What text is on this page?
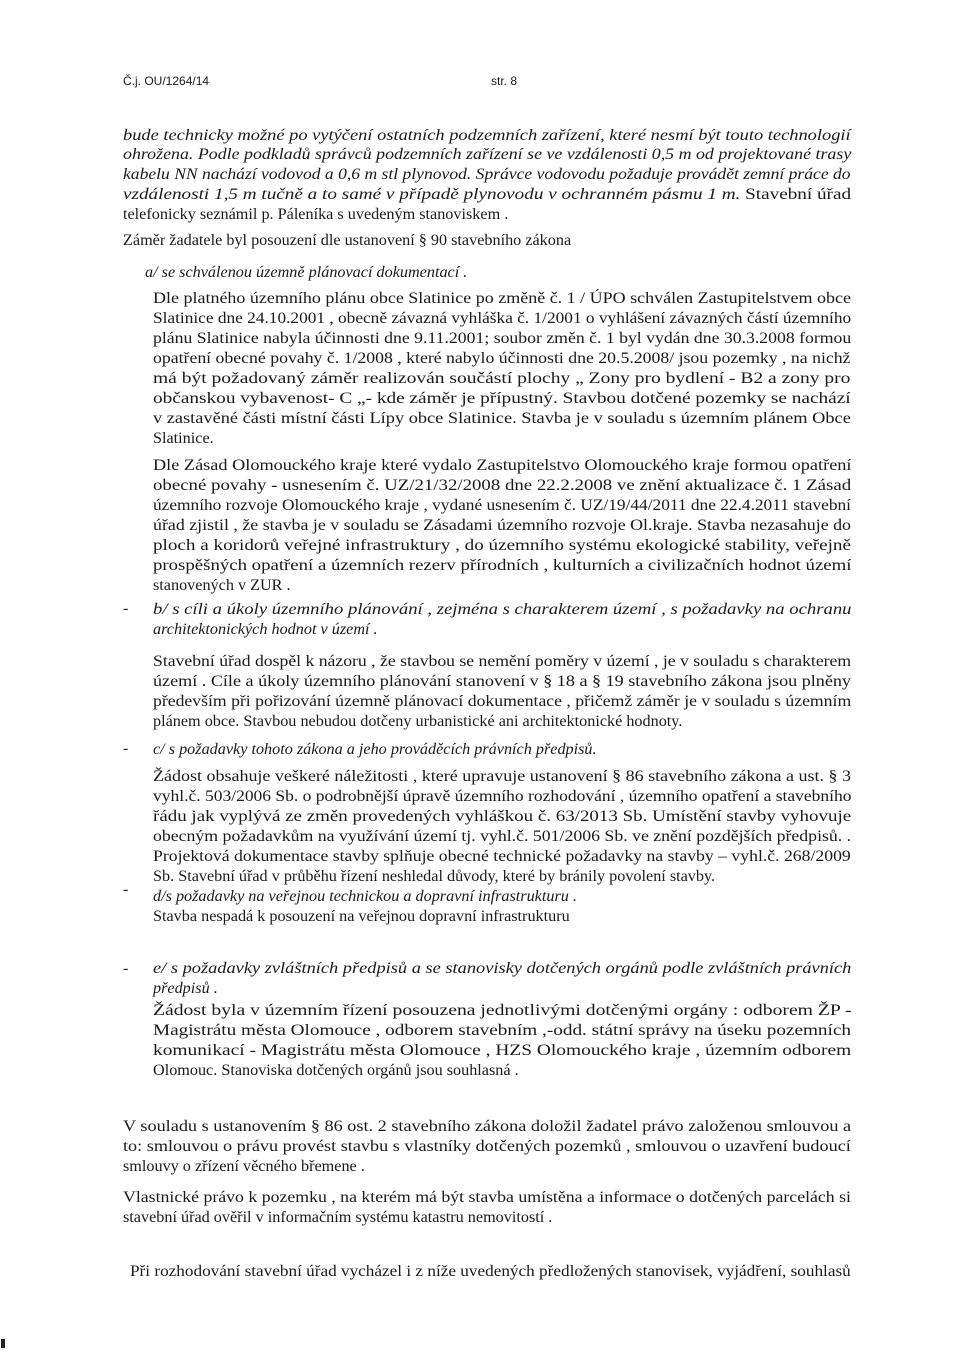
Č.j. OU/1264/14	str. 8
bude technicky možné po vytýčení ostatních podzemních zařízení, které nesmí být touto technologií
ohrožena. Podle podkladů správců podzemních zařízení se ve vzdálenosti 0,5 m od projektované trasy
kabelu NN nachází vodovod a 0,6 m stl plynovod. Správce vodovodu požaduje provádět zemní práce do
vzdálenosti 1,5 m tučně a to samé v případě plynovodu v ochranném pásmu 1 m. Stavební úřad
telefonicky seznámil p. Páleníka s uvedeným stanoviskem .
Záměr žadatele byl posouzení dle ustanovení § 90 stavebního zákona
a/ se schválenou územně plánovací dokumentací .
Dle platného územního plánu obce Slatinice po změně č. 1 / ÚPO schválen Zastupitelstvem obce
Slatinice dne 24.10.2001 , obecně závazná vyhláška č. 1/2001 o vyhlášení závazných částí územního
plánu Slatinice nabyla účinnosti dne 9.11.2001; soubor změn č. 1 byl vydán dne 30.3.2008 formou
opatření obecné povahy č. 1/2008 , které nabylo účinnosti dne 20.5.2008/ jsou pozemky , na nichž
má být požadovaný záměr realizován součástí plochy „ Zony pro bydlení - B2 a zony pro
občanskou vybavenost- C „- kde záměr je přípustný. Stavbou dotčené pozemky se nachází
v zastavěné části místní části Lípy obce Slatinice. Stavba je v souladu s územním plánem Obce
Slatinice.
Dle Zásad Olomouckého kraje které vydalo Zastupitelstvo Olomouckého kraje formou opatření
obecné povahy - usnesením č. UZ/21/32/2008 dne 22.2.2008 ve znění aktualizace č. 1 Zásad
územního rozvoje Olomouckého kraje , vydané usnesením č. UZ/19/44/2011 dne 22.4.2011 stavební
úřad zjistil , že stavba je v souladu se Zásadami územního rozvoje Ol.kraje. Stavba nezasahuje do
ploch a koridorů veřejné infrastruktury , do územního systému ekologické stability, veřejně
prospěšných opatření a územních rezerv přírodních , kulturních a civilizačních hodnot území
stanovených v ZUR .
b/ s cíli a úkoly územního plánování , zejména s charakterem území , s požadavky na ochranu
architektonických hodnot v území .
Stavební úřad dospěl k názoru , že stavbou se nemění poměry v území , je v souladu s charakterem
území . Cíle a úkoly územního plánování stanovení v § 18 a § 19 stavebního zákona jsou plněny
především při pořizování územně plánovací dokumentace , přičemž záměr je v souladu s územním
plánem obce. Stavbou nebudou dotčeny urbanistické ani architektonické hodnoty.
c/ s požadavky tohoto zákona a jeho prováděcích právních předpisů.
Žádost obsahuje veškeré náležitosti , které upravuje ustanovení § 86 stavebního zákona a ust. § 3
vyhl.č. 503/2006 Sb. o podrobnější úpravě územního rozhodování , územního opatření a stavebního
řádu jak vyplývá ze změn provedených vyhláškou č. 63/2013 Sb. Umístění stavby vyhovuje
obecným požadavkům na využívání území tj. vyhl.č. 501/2006 Sb. ve znění pozdějších předpisů. .
Projektová dokumentace stavby splňuje obecné technické požadavky na stavby – vyhl.č. 268/2009
Sb. Stavební úřad v průběhu řízení neshledal důvody, které by bránily povolení stavby.
d/s požadavky na veřejnou technickou a dopravní infrastrukturu .
Stavba nespadá k posouzení na veřejnou dopravní infrastrukturu
e/ s požadavky zvláštních předpisů a se stanovisky dotčených orgánů podle zvláštních právních
předpisů .
Žádost byla v územním řízení posouzena jednotlivými dotčenými orgány : odborem ŽP -
Magistrátu města Olomouce , odborem stavebním ,-odd. státní správy na úseku pozemních
komunikací - Magistrátu města Olomouce , HZS Olomouckého kraje , územním odborem
Olomouc. Stanoviska dotčených orgánů jsou souhlasná .
V souladu s ustanovením § 86 ost. 2 stavebního zákona doložil žadatel právo založenou smlouvou a
to: smlouvou o právu provést stavbu s vlastníky dotčených pozemků , smlouvou o uzavření budoucí
smlouvy o zřízení věcného břemene .
Vlastnické právo k pozemku , na kterém má být stavba umístěna a informace o dotčených parcelách si
stavební úřad ověřil v informačním systému katastru nemovitostí .
Při rozhodování stavební úřad vycházel i z níže uvedených předložených stanovisek, vyjádření, souhlasů
-
-
-
-
